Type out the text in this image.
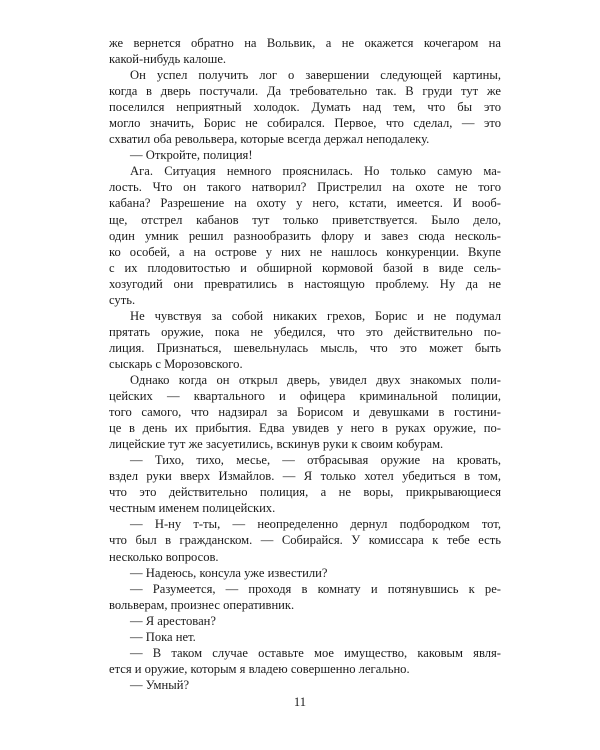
же вернется обратно на Вольвик, а не окажется кочегаром на
какой-нибудь калоше.
Он успел получить лог о завершении следующей картины,
когда в дверь постучали. Да требовательно так. В груди тут же
поселился неприятный холодок. Думать над тем, что бы это
могло значить, Борис не собирался. Первое, что сделал, — это
схватил оба револьвера, которые всегда держал неподалеку.
— Откройте, полиция!
Ага. Ситуация немного прояснилась. Но только самую ма-
лость. Что он такого натворил? Пристрелил на охоте не того
кабана? Разрешение на охоту у него, кстати, имеется. И вооб-
ще, отстрел кабанов тут только приветствуется. Было дело,
один умник решил разнообразить флору и завез сюда несколь-
ко особей, а на острове у них не нашлось конкуренции. Вкупе
с их плодовитостью и обширной кормовой базой в виде сель-
хозугодий они превратились в настоящую проблему. Ну да не
суть.
Не чувствуя за собой никаких грехов, Борис и не подумал
прятать оружие, пока не убедился, что это действительно по-
лиция. Признаться, шевельнулась мысль, что это может быть
сыскарь с Морозовского.
Однако когда он открыл дверь, увидел двух знакомых поли-
цейских — квартального и офицера криминальной полиции,
того самого, что надзирал за Борисом и девушками в гостини-
це в день их прибытия. Едва увидев у него в руках оружие, по-
лицейские тут же засуетились, вскинув руки к своим кобурам.
— Тихо, тихо, месье, — отбрасывая оружие на кровать,
вздел руки вверх Измайлов. — Я только хотел убедиться в том,
что это действительно полиция, а не воры, прикрывающиеся
честным именем полицейских.
— Н-ну т-ты, — неопределенно дернул подбородком тот,
что был в гражданском. — Собирайся. У комиссара к тебе есть
несколько вопросов.
— Надеюсь, консула уже известили?
— Разумеется, — проходя в комнату и потянувшись к ре-
вольверам, произнес оперативник.
— Я арестован?
— Пока нет.
— В таком случае оставьте мое имущество, каковым явля-
ется и оружие, которым я владею совершенно легально.
— Умный?
11
